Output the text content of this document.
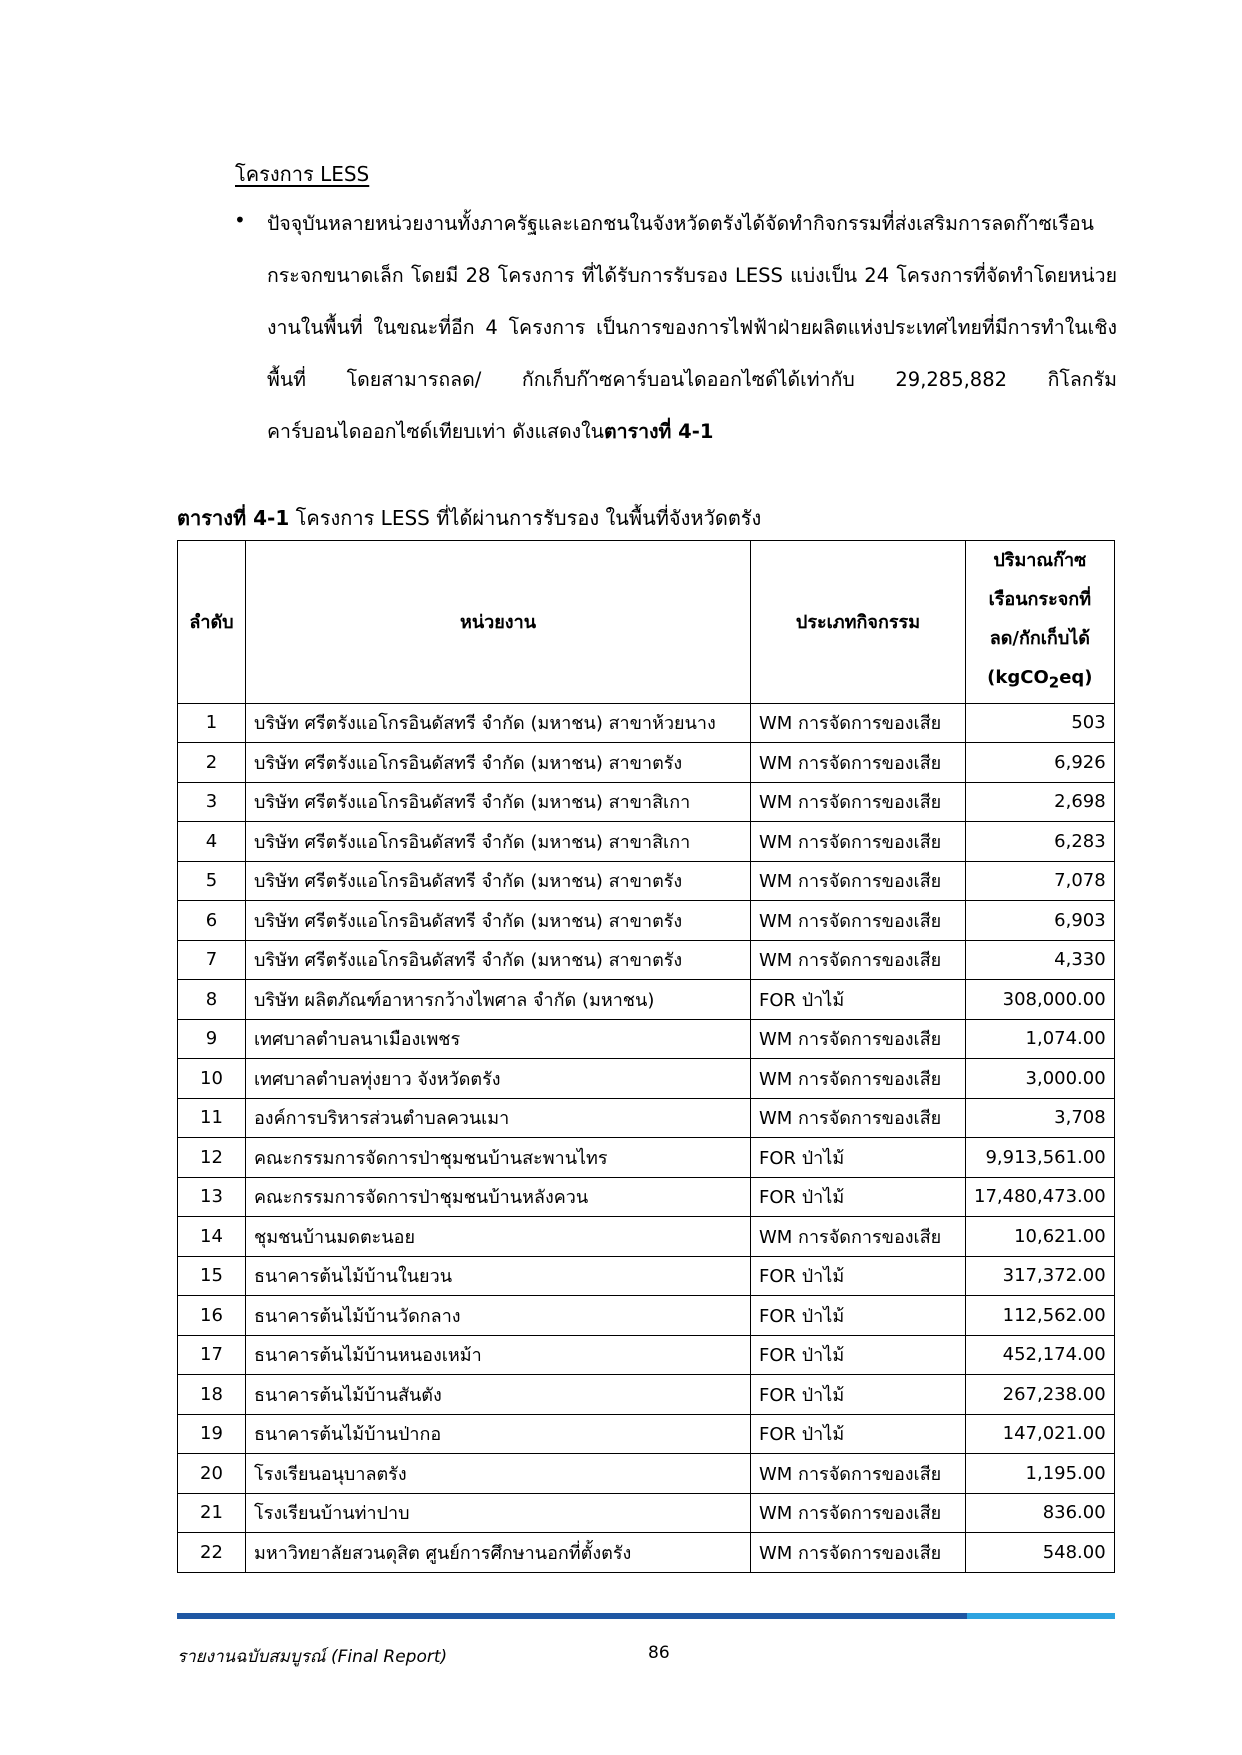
โครงการ LESS
• ปัจจุบันหลายหน่วยงานทั้งภาครัฐและเอกชนในจังหวัดตรังได้จัดทำกิจกรรมที่ส่งเสริมการลดก๊าซเรือนกระจกขนาดเล็ก โดยมี 28 โครงการ ที่ได้รับการรับรอง LESS แบ่งเป็น 24 โครงการที่จัดทำโดยหน่วยงานในพื้นที่ ในขณะที่อีก 4 โครงการ เป็นการของการไฟฟ้าฝ่ายผลิตแห่งประเทศไทยที่มีการทำในเชิงพื้นที่ โดยสามารถลด/ กักเก็บก๊าซคาร์บอนไดออกไซด์ได้เท่ากับ 29,285,882 กิโลกรัมคาร์บอนไดออกไซด์เทียบเท่า ดังแสดงในตารางที่ 4-1
ตารางที่ 4-1 โครงการ LESS ที่ได้ผ่านการรับรอง ในพื้นที่จังหวัดตรัง
ลำดับ	หน่วยงาน	ประเภทกิจกรรม	ปริมาณก๊าซ
เรือนกระจกที่
ลด/กักเก็บได้
(kgCO$_2$eq)

1	บริษัท ศรีตรังแอโกรอินดัสทรี จำกัด (มหาชน) สาขาห้วยนาง	WM การจัดการของเสีย	503
2	บริษัท ศรีตรังแอโกรอินดัสทรี จำกัด (มหาชน) สาขาตรัง	WM การจัดการของเสีย	6,926
3	บริษัท ศรีตรังแอโกรอินดัสทรี จำกัด (มหาชน) สาขาสิเกา	WM การจัดการของเสีย	2,698
4	บริษัท ศรีตรังแอโกรอินดัสทรี จำกัด (มหาชน) สาขาสิเกา	WM การจัดการของเสีย	6,283
5	บริษัท ศรีตรังแอโกรอินดัสทรี จำกัด (มหาชน) สาขาตรัง	WM การจัดการของเสีย	7,078
6	บริษัท ศรีตรังแอโกรอินดัสทรี จำกัด (มหาชน) สาขาตรัง	WM การจัดการของเสีย	6,903
7	บริษัท ศรีตรังแอโกรอินดัสทรี จำกัด (มหาชน) สาขาตรัง	WM การจัดการของเสีย	4,330
8	บริษัท ผลิตภัณฑ์อาหารกว้างไพศาล จำกัด (มหาชน)	FOR ป่าไม้	308,000.00
9	เทศบาลตำบลนาเมืองเพชร	WM การจัดการของเสีย	1,074.00
10	เทศบาลตำบลทุ่งยาว จังหวัดตรัง	WM การจัดการของเสีย	3,000.00
11	องค์การบริหารส่วนตำบลควนเมา	WM การจัดการของเสีย	3,708
12	คณะกรรมการจัดการป่าชุมชนบ้านสะพานไทร	FOR ป่าไม้	9,913,561.00
13	คณะกรรมการจัดการป่าชุมชนบ้านหลังควน	FOR ป่าไม้	17,480,473.00
14	ชุมชนบ้านมดตะนอย	WM การจัดการของเสีย	10,621.00
15	ธนาคารต้นไม้บ้านในยวน	FOR ป่าไม้	317,372.00
16	ธนาคารต้นไม้บ้านวัดกลาง	FOR ป่าไม้	112,562.00
17	ธนาคารต้นไม้บ้านหนองเหม้า	FOR ป่าไม้	452,174.00
18	ธนาคารต้นไม้บ้านสันตัง	FOR ป่าไม้	267,238.00
19	ธนาคารต้นไม้บ้านป่ากอ	FOR ป่าไม้	147,021.00
20	โรงเรียนอนุบาลตรัง	WM การจัดการของเสีย	1,195.00
21	โรงเรียนบ้านท่าปาบ	WM การจัดการของเสีย	836.00
22	มหาวิทยาลัยสวนดุสิต ศูนย์การศึกษานอกที่ตั้งตรัง	WM การจัดการของเสีย	548.00
รายงานฉบับสมบูรณ์ (Final Report)	86
